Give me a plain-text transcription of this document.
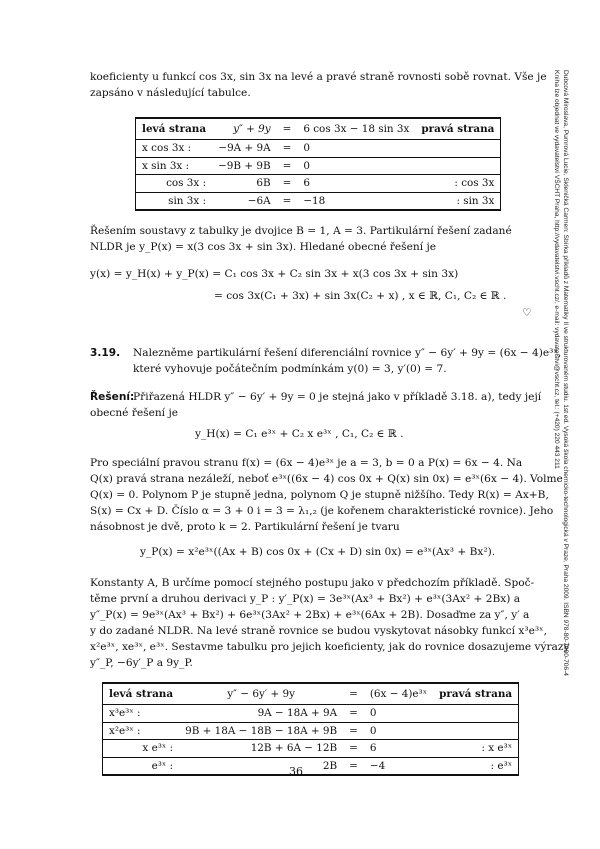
koeficienty u funkcí cos 3x, sin 3x na levé a pravé straně rovnosti sobě rovnat. Vše je
zapsáno v následující tabulce.
levá strana	y″ + 9y	=	6 cos 3x − 18 sin 3x	pravá strana
x cos 3x :	−9A + 9A	=	0	
x sin 3x :	−9B + 9B	=	0	
cos 3x :	6B	=	6	: cos 3x
sin 3x :	−6A	=	−18	: sin 3x
Řešením soustavy z tabulky je dvojice B = 1, A = 3. Partikulární řešení zadané
NLDR je y_P(x) = x(3 cos 3x + sin 3x). Hledané obecné řešení je
y(x) = y_H(x) + y_P(x) = C₁ cos 3x + C₂ sin 3x + x(3 cos 3x + sin 3x)
= cos 3x(C₁ + 3x) + sin 3x(C₂ + x) , x ∈ ℝ, C₁, C₂ ∈ ℝ .
♡
3.19. Nalezněme partikulární řešení diferenciální rovnice y″ − 6y′ + 9y = (6x − 4)e³ˣ,
které vyhovuje počátečním podmínkám y(0) = 3, y′(0) = 7.
Řešení:
Přiřazená HLDR y″ − 6y′ + 9y = 0 je stejná jako v příkladě 3.18. a), tedy její
obecné řešení je
y_H(x) = C₁ e³ˣ + C₂ x e³ˣ , C₁, C₂ ∈ ℝ .
Pro speciální pravou stranu f(x) = (6x − 4)e³ˣ je a = 3, b = 0 a P(x) = 6x − 4. Na
Q(x) pravá strana nezáleží, neboť e³ˣ((6x − 4) cos 0x + Q(x) sin 0x) = e³ˣ(6x − 4). Volme
Q(x) = 0. Polynom P je stupně jedna, polynom Q je stupně nižšího. Tedy R(x) = Ax+B,
S(x) = Cx + D. Číslo α = 3 + 0 i = 3 = λ₁,₂ (je kořenem charakteristické rovnice). Jeho
násobnost je dvě, proto k = 2. Partikulární řešení je tvaru
y_P(x) = x²e³ˣ((Ax + B) cos 0x + (Cx + D) sin 0x) = e³ˣ(Ax³ + Bx²).
Konstanty A, B určíme pomocí stejného postupu jako v předchozím příkladě. Spoč-
těme první a druhou derivaci y_P : y′_P(x) = 3e³ˣ(Ax³ + Bx²) + e³ˣ(3Ax² + 2Bx) a
y″_P(x) = 9e³ˣ(Ax³ + Bx²) + 6e³ˣ(3Ax² + 2Bx) + e³ˣ(6Ax + 2B). Dosaďme za y″, y′ a
y do zadané NLDR. Na levé straně rovnice se budou vyskytovat násobky funkcí x³e³ˣ,
x²e³ˣ, xe³ˣ, e³ˣ. Sestavme tabulku pro jejich koeficienty, jak do rovnice dosazujeme výrazy
y″_P, −6y′_P a 9y_P.
levá strana	y″ − 6y′ + 9y	=	(6x − 4)e³ˣ	pravá strana
x³e³ˣ :	9A − 18A + 9A	=	0	
x²e³ˣ :	9B + 18A − 18B − 18A + 9B	=	0	
x e³ˣ :	12B + 6A − 12B	=	6	: x e³ˣ
e³ˣ :	2B	=	−4	: e³ˣ
36
Dubcová Miroslava, Pumrová Lucie, Skleničká Carmen: Sbírka příkladů z Matematiky II ve strukturovaném studiu. 1st ed. Vysoká škola chemicko-technologická v Praze, Praha 2009. ISBN 978-80-7080-706-4
Kniha lze objednat ve vydavatelství VŠCHT Praha, http://vydavatelstvi.vscht.cz/, e-mail: vydavatelstvi@vscht.cz, tel.: (+420) 220 443 211
